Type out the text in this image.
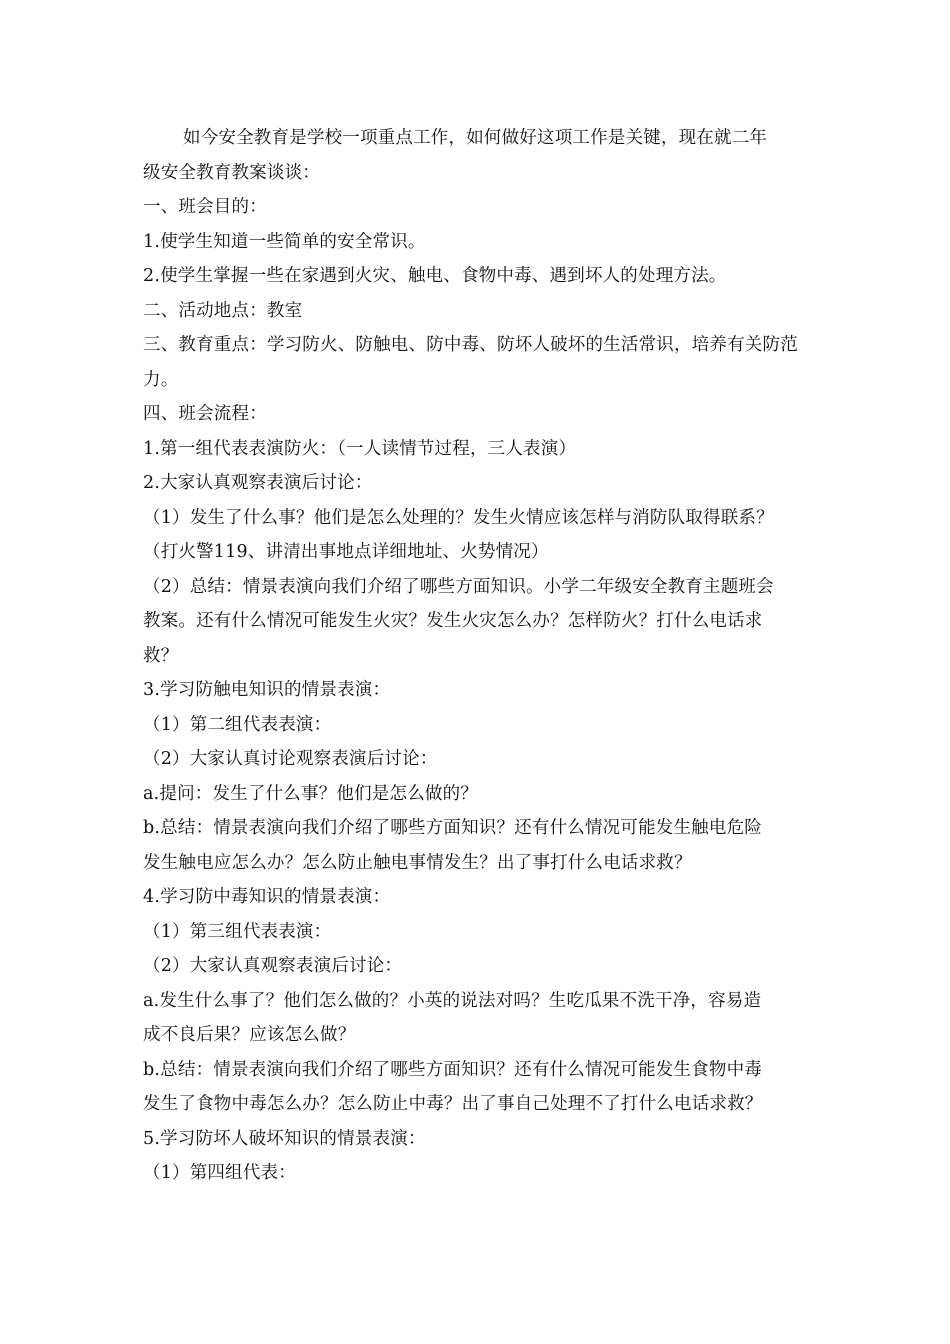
如今安全教育是学校一项重点工作，如何做好这项工作是关键，现在就二年
级安全教育教案谈谈：
一、班会目的：
1.使学生知道一些简单的安全常识。
2.使学生掌握一些在家遇到火灾、触电、食物中毒、遇到坏人的处理方法。
二、活动地点：教室
三、教育重点：学习防火、防触电、防中毒、防坏人破坏的生活常识，培养有关防范
力。
四、班会流程：
1.第一组代表表演防火：（一人读情节过程，三人表演）
2.大家认真观察表演后讨论：
（1）发生了什么事？他们是怎么处理的？发生火情应该怎样与消防队取得联系？
（打火警119、讲清出事地点详细地址、火势情况）
（2）总结：情景表演向我们介绍了哪些方面知识。小学二年级安全教育主题班会
教案。还有什么情况可能发生火灾？发生火灾怎么办？怎样防火？打什么电话求
救？
3.学习防触电知识的情景表演：
（1）第二组代表表演：
（2）大家认真讨论观察表演后讨论：
a.提问：发生了什么事？他们是怎么做的？
b.总结：情景表演向我们介绍了哪些方面知识？还有什么情况可能发生触电危险
发生触电应怎么办？怎么防止触电事情发生？出了事打什么电话求救？
4.学习防中毒知识的情景表演：
（1）第三组代表表演：
（2）大家认真观察表演后讨论：
a.发生什么事了？他们怎么做的？小英的说法对吗？生吃瓜果不洗干净，容易造
成不良后果？应该怎么做？
b.总结：情景表演向我们介绍了哪些方面知识？还有什么情况可能发生食物中毒
发生了食物中毒怎么办？怎么防止中毒？出了事自己处理不了打什么电话求救？
5.学习防坏人破坏知识的情景表演：
（1）第四组代表：
